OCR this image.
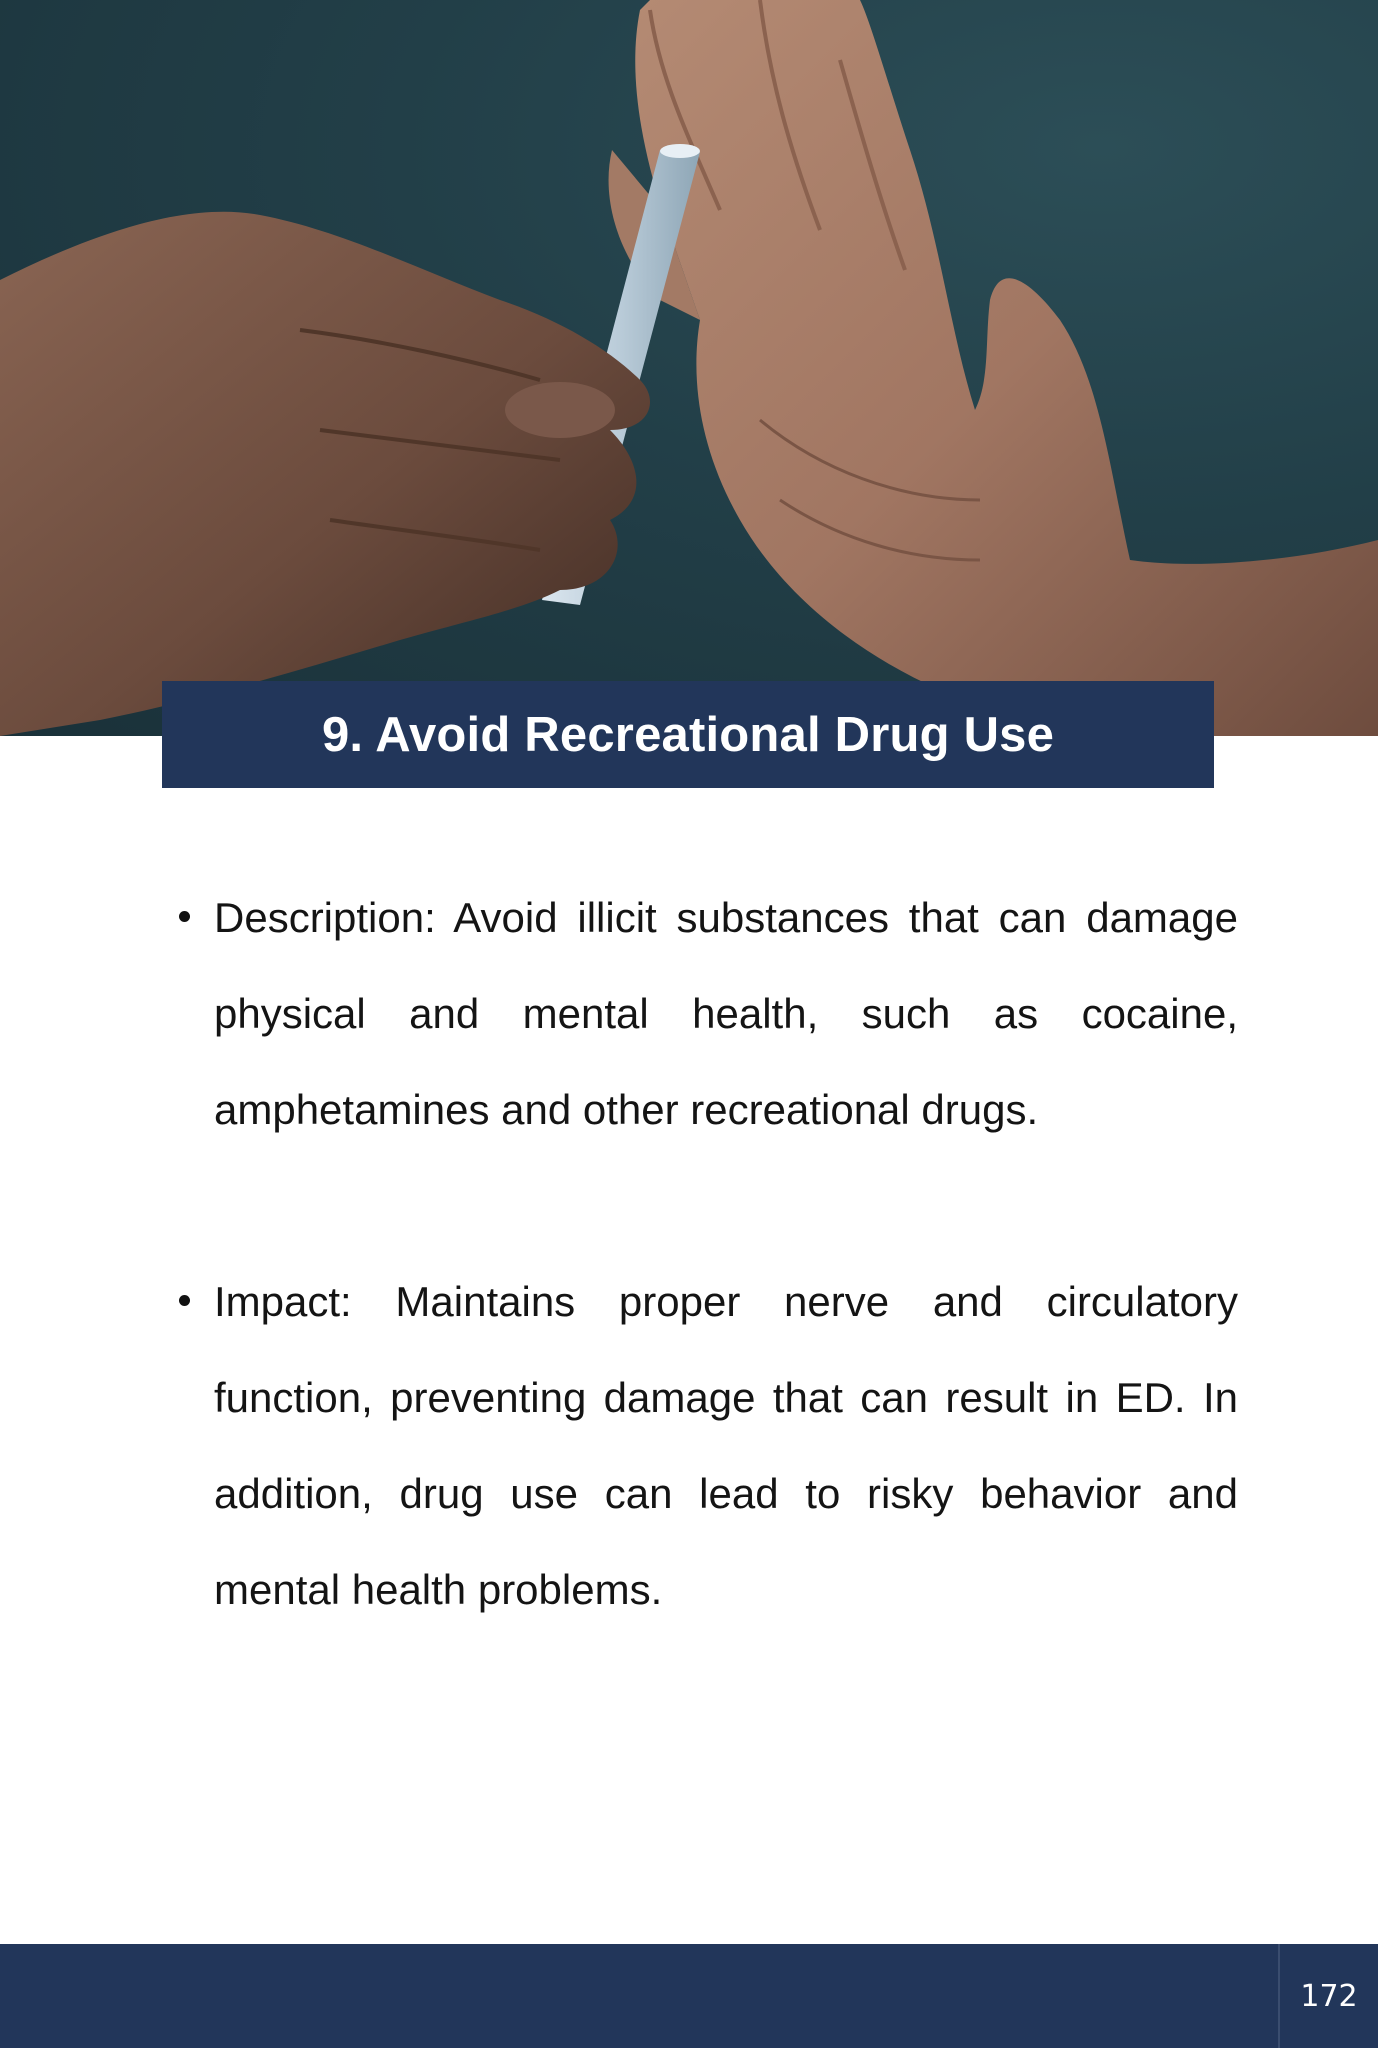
9. Avoid Recreational Drug Use

Description: Avoid illicit substances that can damage physical and mental health, such as cocaine, amphetamines and other recreational drugs.

Impact: Maintains proper nerve and circulatory function, preventing damage that can result in ED. In addition, drug use can lead to risky behavior and mental health problems.

172
